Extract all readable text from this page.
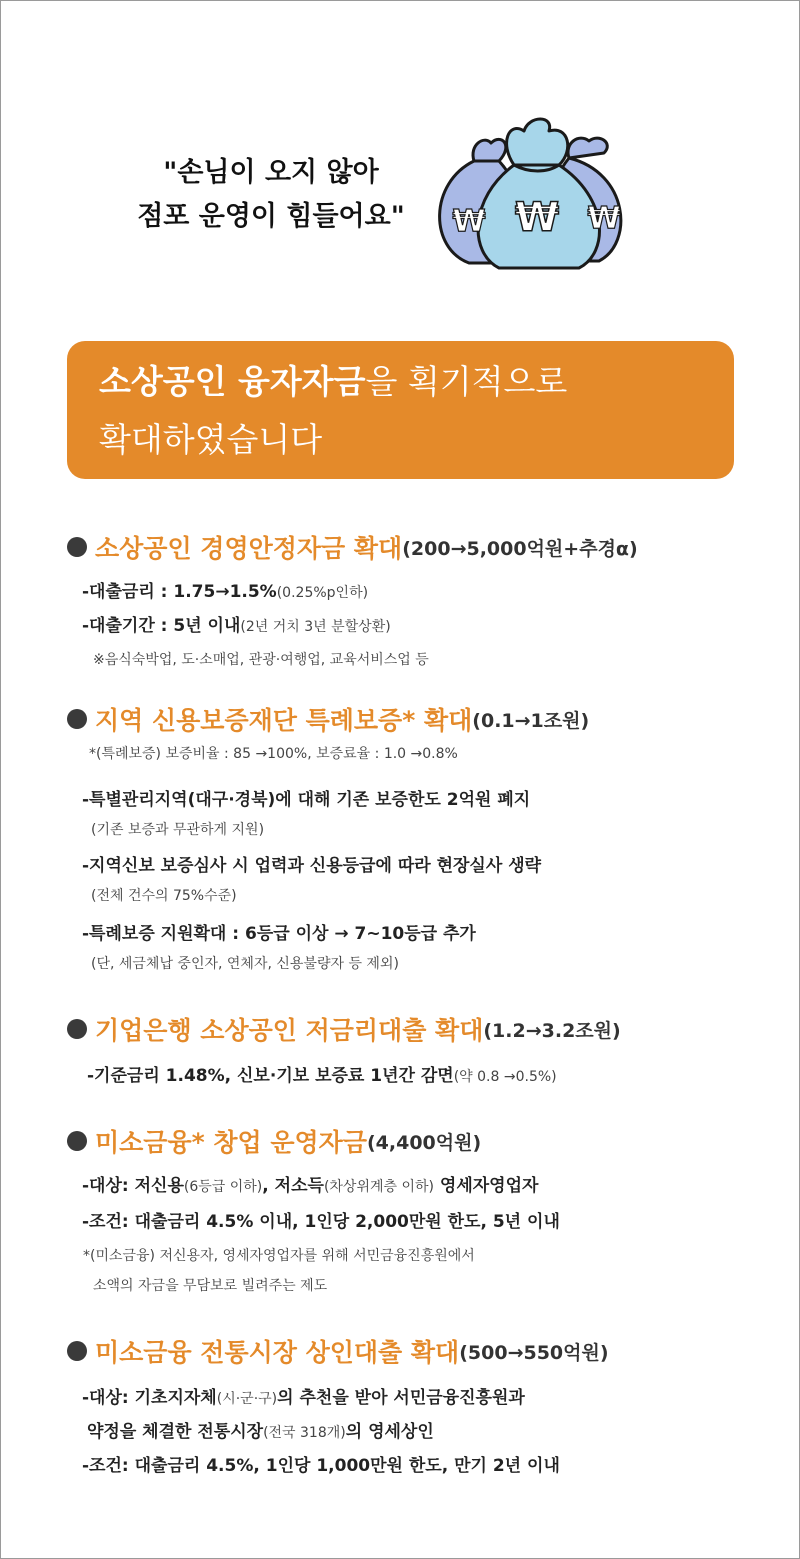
"손님이 오지 않아
점포 운영이 힘들어요"	₩
₩	₩
소상공인 융자자금을 획기적으로
확대하였습니다
소상공인 경영안정자금 확대 (200→5,000억원+추경α)
-대출금리 : 1.75→1.5%(0.25%p인하)
-대출기간 : 5년 이내(2년 거치 3년 분할상환)
※음식숙박업, 도·소매업, 관광·여행업, 교육서비스업 등
지역 신용보증재단 특례보증* 확대 (0.1→1조원)
*(특례보증) 보증비율 : 85 →100%, 보증료율 : 1.0 →0.8%
-특별관리지역(대구·경북)에 대해 기존 보증한도 2억원 폐지
(기존 보증과 무관하게 지원)
-지역신보 보증심사 시 업력과 신용등급에 따라 현장실사 생략
(전체 건수의 75%수준)
-특례보증 지원확대 : 6등급 이상 → 7~10등급 추가
(단, 세금체납 중인자, 연체자, 신용불량자 등 제외)
기업은행 소상공인 저금리대출 확대 (1.2→3.2조원)
-기준금리 1.48%, 신보·기보 보증료 1년간 감면(약 0.8 →0.5%)
미소금융* 창업 운영자금 (4,400억원)
-대상: 저신용(6등급 이하), 저소득(차상위계층 이하) 영세자영업자
-조건: 대출금리 4.5% 이내, 1인당 2,000만원 한도, 5년 이내
*(미소금융) 저신용자, 영세자영업자를 위해 서민금융진흥원에서
소액의 자금을 무담보로 빌려주는 제도
미소금융 전통시장 상인대출 확대 (500→550억원)
-대상: 기초지자체(시·군·구)의 추천을 받아 서민금융진흥원과
약정을 체결한 전통시장(전국 318개)의 영세상인
-조건: 대출금리 4.5%, 1인당 1,000만원 한도, 만기 2년 이내
